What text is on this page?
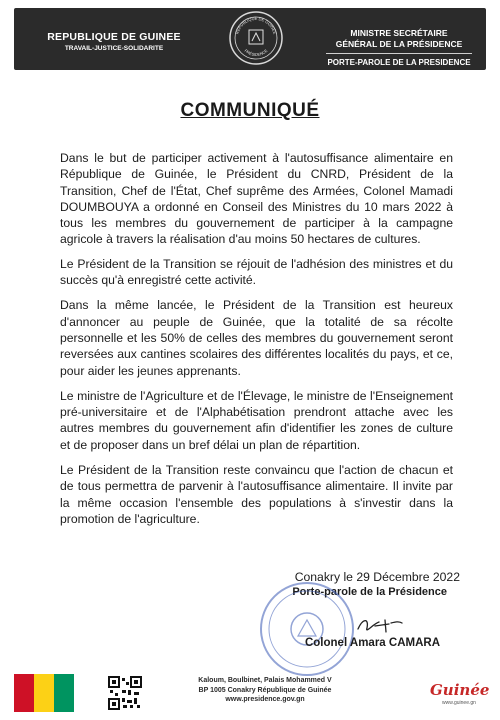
REPUBLIQUE DE GUINEE
TRAVAIL-JUSTICE-SOLIDARITE
RÉPUBLIQUE DE GUINÉE
PRÉSIDENCE
MINISTRE SECRÉTAIRE
GÉNÉRAL DE LA PRÉSIDENCE
PORTE-PAROLE DE LA PRESIDENCE
COMMUNIQUÉ

Dans le but de participer activement à l'autosuffisance alimentaire en République de Guinée, le Président du CNRD, Président de la Transition, Chef de l'État, Chef suprême des Armées, Colonel Mamadi DOUMBOUYA a ordonné en Conseil des Ministres du 10 mars 2022 à tous les membres du gouvernement de participer à la campagne agricole à travers la réalisation d'au moins 50 hectares de cultures.

Le Président de la Transition se réjouit de l'adhésion des ministres et du succès qu'à enregistré cette activité.

Dans la même lancée, le Président de la Transition est heureux d'annoncer au peuple de Guinée, que la totalité de sa récolte personnelle et les 50% de celles des membres du gouvernement seront reversées aux cantines scolaires des différentes localités du pays, et ce, pour aider les jeunes apprenants.

Le ministre de l'Agriculture et de l'Élevage, le ministre de l'Enseignement pré-universitaire et de l'Alphabétisation prendront attache avec les autres membres du gouvernement afin d'identifier les zones de culture et de proposer dans un bref délai un plan de répartition.

Le Président de la Transition reste convaincu que l'action de chacun et de tous permettra de parvenir à l'autosuffisance alimentaire. Il invite par la même occasion l'ensemble des populations à s'investir dans la promotion de l'agriculture.

Conakry le 29 Décembre 2022
Porte-parole de la Présidence
Colonel Amara CAMARA
Kaloum, Boulbinet, Palais Mohammed V
BP 1005 Conakry République de Guinée
www.presidence.gov.gn
Guinée
www.guinee.gn
